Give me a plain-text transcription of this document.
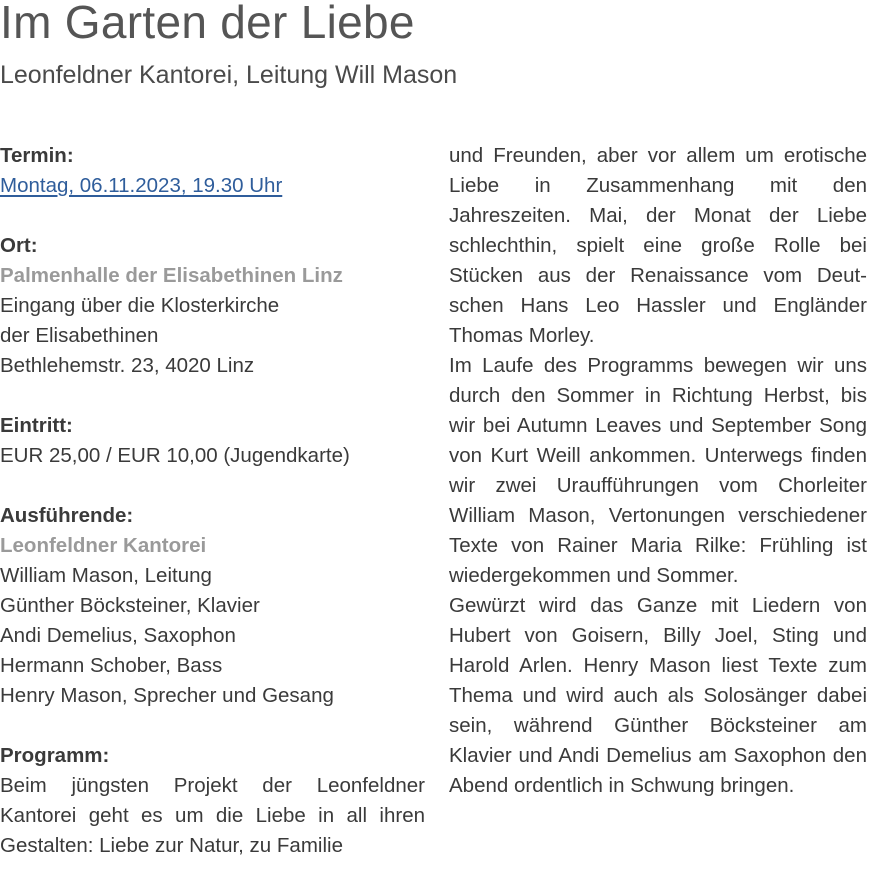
Im Garten der Liebe
Leonfeldner Kantorei, Leitung Will Mason
Termin:
Montag, 06.11.2023, 19.30 Uhr
Ort:
Palmenhalle der Elisabethinen Linz
Eingang über die Klosterkirche
der Elisabethinen
Bethlehemstr. 23, 4020 Linz
Eintritt:
EUR 25,00 / EUR 10,00 (Jugendkarte)
Ausführende:
Leonfeldner Kantorei
William Mason, Leitung
Günther Böcksteiner, Klavier
Andi Demelius, Saxophon
Hermann Schober, Bass
Henry Mason, Sprecher und Gesang
Programm:

Beim jüngsten Projekt der Leonfeldner Kantorei geht es um die Liebe in all ihren Gestalten: Liebe zur Natur, zu Familie

und Freunden, aber vor allem um erotische Liebe in Zusammenhang mit den Jahreszeiten. Mai, der Monat der Liebe schlechthin, spielt eine große Rolle bei Stücken aus der Renaissance vom Deutschen Hans Leo Hassler und Engländer Thomas Morley.

Im Laufe des Programms bewegen wir uns durch den Sommer in Richtung Herbst, bis wir bei Autumn Leaves und September Song von Kurt Weill ankommen. Unterwegs finden wir zwei Uraufführungen vom Chorleiter William Mason, Vertonungen verschiedener Texte von Rainer Maria Rilke: Frühling ist wiedergekommen und Sommer.

Gewürzt wird das Ganze mit Liedern von Hubert von Goisern, Billy Joel, Sting und Harold Arlen. Henry Mason liest Texte zum Thema und wird auch als Solosänger dabei sein, während Günther Böcksteiner am Klavier und Andi Demelius am Saxophon den Abend ordentlich in Schwung bringen.
